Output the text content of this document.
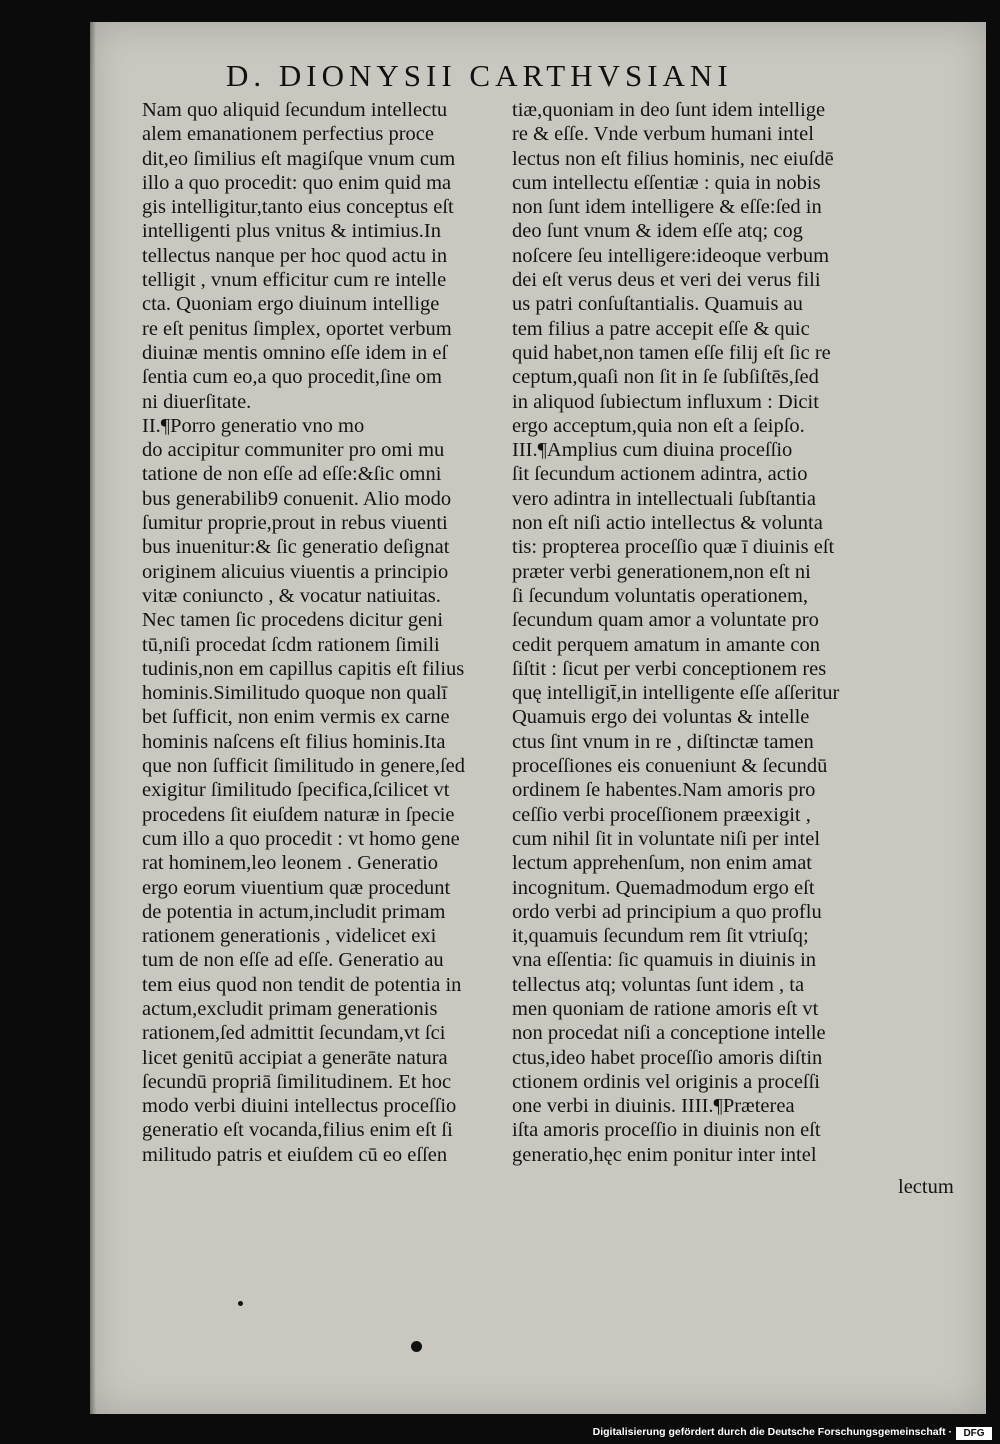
D. DIONYSII CARTHVSIANI
Nam quo aliquid ſecundum intellectu
alem emanationem perfectius proce
dit,eo ſimilius eſt magiſque vnum cum
illo a quo procedit: quo enim quid ma
gis intelligitur,tanto eius conceptus eſt
intelligenti plus vnitus & intimius.In
tellectus nanque per hoc quod actu in
telligit , vnum efficitur cum re intelle
cta. Quoniam ergo diuinum intellige
re eſt penitus ſimplex, oportet verbum
diuinæ mentis omnino eſſe idem in eſ
ſentia cum eo,a quo procedit,ſine om
ni diuerſitate.
II.¶Porro generatio vno mo
do accipitur communiter pro omi mu
tatione de non eſſe ad eſſe:&ſic omni
bus generabilib9 conuenit. Alio modo
ſumitur proprie,prout in rebus viuenti
bus inuenitur:& ſic generatio deſignat
originem alicuius viuentis a principio
vitæ coniuncto , & vocatur natiuitas.
Nec tamen ſic procedens dicitur geni
tū,niſi procedat ſcdm rationem ſimili
tudinis,non em capillus capitis eſt filius
hominis.Similitudo quoque non qualī
bet ſufficit, non enim vermis ex carne
hominis naſcens eſt filius hominis.Ita
que non ſufficit ſimilitudo in genere,ſed
exigitur ſimilitudo ſpecifica,ſcilicet vt
procedens ſit eiuſdem naturæ in ſpecie
cum illo a quo procedit : vt homo gene
rat hominem,leo leonem . Generatio
ergo eorum viuentium quæ procedunt
de potentia in actum,includit primam
rationem generationis , videlicet exi
tum de non eſſe ad eſſe. Generatio au
tem eius quod non tendit de potentia in
actum,excludit primam generationis
rationem,ſed admittit ſecundam,vt ſci
licet genitū accipiat a generāte natura
ſecundū propriā ſimilitudinem. Et hoc
modo verbi diuini intellectus proceſſio
generatio eſt vocanda,filius enim eſt ſi
militudo patris et eiuſdem cū eo eſſen
tiæ,quoniam in deo ſunt idem intellige
re & eſſe. Vnde verbum humani intel
lectus non eſt filius hominis, nec eiuſdē
cum intellectu eſſentiæ : quia in nobis
non ſunt idem intelligere & eſſe:ſed in
deo ſunt vnum & idem eſſe atq; cog
noſcere ſeu intelligere:ideoque verbum
dei eſt verus deus et veri dei verus fili
us patri conſuſtantialis. Quamuis au
tem filius a patre accepit eſſe & quic
quid habet,non tamen eſſe filij eſt ſic re
ceptum,quaſi non ſit in ſe ſubſiſtēs,ſed
in aliquod ſubiectum influxum : Dicit
ergo acceptum,quia non eſt a ſeipſo.
III.¶Amplius cum diuina proceſſio
ſit ſecundum actionem adintra, actio
vero adintra in intellectuali ſubſtantia
non eſt niſi actio intellectus & volunta
tis: propterea proceſſio quæ ī diuinis eſt
præter verbi generationem,non eſt ni
ſi ſecundum voluntatis operationem,
ſecundum quam amor a voluntate pro
cedit perquem amatum in amante con
ſiſtit : ſicut per verbi conceptionem res
quę intelligit̄,in intelligente eſſe aſſeritur
Quamuis ergo dei voluntas & intelle
ctus ſint vnum in re , diſtinctæ tamen
proceſſiones eis conueniunt & ſecundū
ordinem ſe habentes.Nam amoris pro
ceſſio verbi proceſſionem præexigit ,
cum nihil ſit in voluntate niſi per intel
lectum apprehenſum, non enim amat
incognitum. Quemadmodum ergo eſt
ordo verbi ad principium a quo proflu
it,quamuis ſecundum rem ſit vtriuſq;
vna eſſentia: ſic quamuis in diuinis in
tellectus atq; voluntas ſunt idem , ta
men quoniam de ratione amoris eſt vt
non procedat niſi a conceptione intelle
ctus,ideo habet proceſſio amoris diſtin
ctionem ordinis vel originis a proceſſi
one verbi in diuinis. IIII.¶Præterea
iſta amoris proceſſio in diuinis non eſt
generatio,hęc enim ponitur inter intel
lectum
Digitalisierung gefördert durch die Deutsche Forschungsgemeinschaft ·	DFG
